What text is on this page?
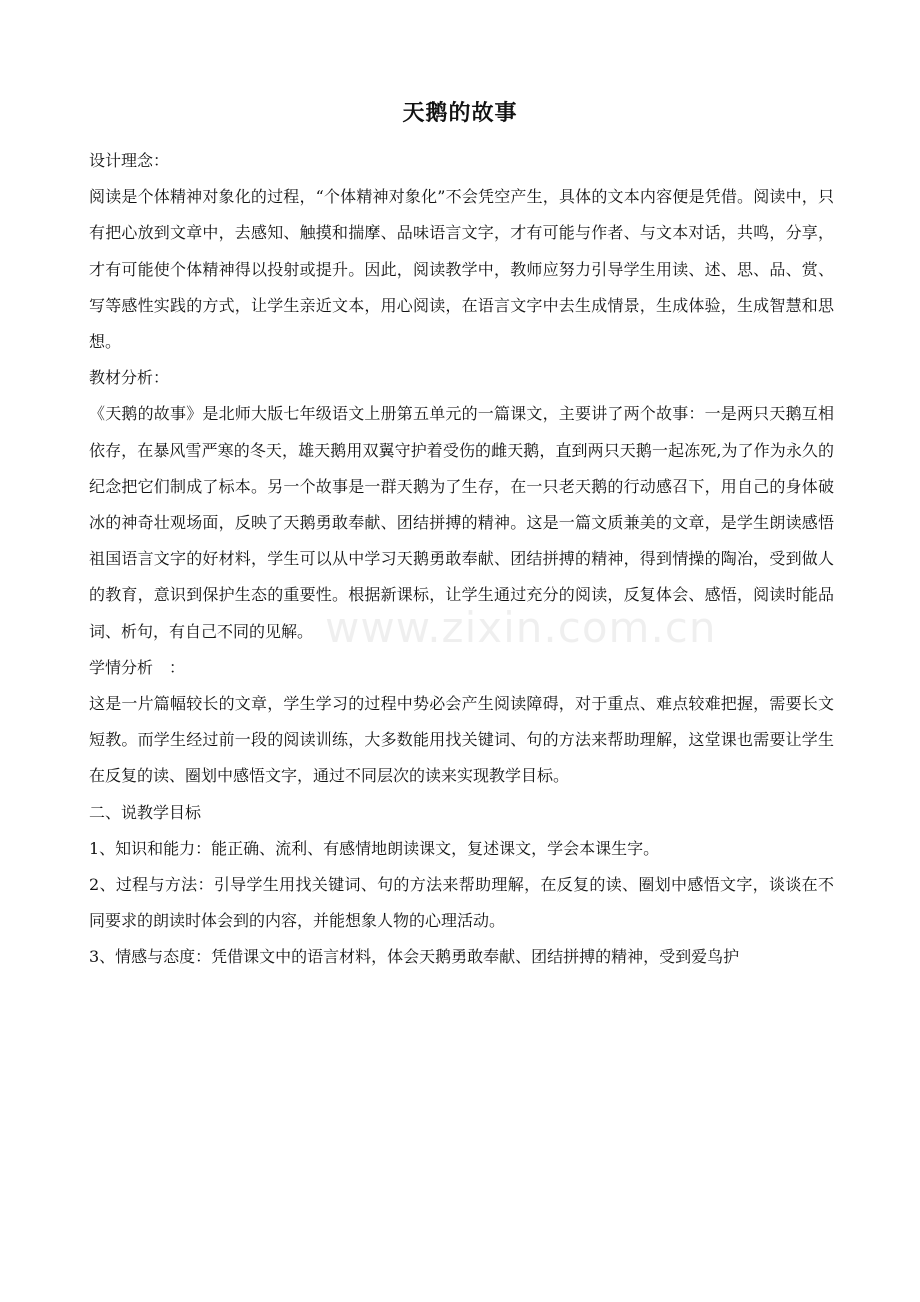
天鹅的故事

设计理念：

阅读是个体精神对象化的过程，“个体精神对象化”不会凭空产生，具体的文本内容便是凭借。阅读中，只有把心放到文章中，去感知、触摸和揣摩、品味语言文字，才有可能与作者、与文本对话，共鸣，分享，才有可能使个体精神得以投射或提升。因此，阅读教学中，教师应努力引导学生用读、述、思、品、赏、写等感性实践的方式，让学生亲近文本，用心阅读，在语言文字中去生成情景，生成体验，生成智慧和思想。

教材分析：

《天鹅的故事》是北师大版七年级语文上册第五单元的一篇课文，主要讲了两个故事：一是两只天鹅互相依存，在暴风雪严寒的冬天，雄天鹅用双翼守护着受伤的雌天鹅，直到两只天鹅一起冻死,为了作为永久的纪念把它们制成了标本。另一个故事是一群天鹅为了生存，在一只老天鹅的行动感召下，用自己的身体破冰的神奇壮观场面，反映了天鹅勇敢奉献、团结拼搏的精神。这是一篇文质兼美的文章，是学生朗读感悟祖国语言文字的好材料，学生可以从中学习天鹅勇敢奉献、团结拼搏的精神，得到情操的陶冶，受到做人的教育，意识到保护生态的重要性。根据新课标，让学生通过充分的阅读，反复体会、感悟，阅读时能品词、析句，有自己不同的见解。

学情分析　：

这是一片篇幅较长的文章，学生学习的过程中势必会产生阅读障碍，对于重点、难点较难把握，需要长文短教。而学生经过前一段的阅读训练，大多数能用找关键词、句的方法来帮助理解，这堂课也需要让学生在反复的读、圈划中感悟文字，通过不同层次的读来实现教学目标。

二、说教学目标

1、知识和能力：能正确、流利、有感情地朗读课文，复述课文，学会本课生字。

2、过程与方法：引导学生用找关键词、句的方法来帮助理解，在反复的读、圈划中感悟文字，谈谈在不同要求的朗读时体会到的内容，并能想象人物的心理活动。

3、情感与态度：凭借课文中的语言材料，体会天鹅勇敢奉献、团结拼搏的精神，受到爱鸟护

www.zixin.com.cn
